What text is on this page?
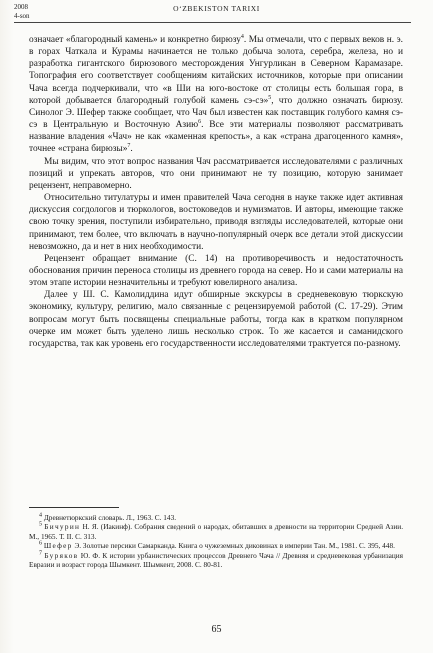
2008
4-son
O‘ZBEKISTON TARIXI

означает «благородный камень» и конкретно бирюзу$^4$. Мы отмечали, что с первых веков н. э. в горах Чаткала и Курамы начинается не только добыча золота, серебра, железа, но и разработка гигантского бирюзового месторождения Унгурликан в Северном Карамазаре. Топография его соответствует сообщениям китайских источников, которые при описании Чача всегда подчеркивали, что «в Ши на юго-востоке от столицы есть большая гора, в которой добывается благородный голубой камень сэ-сэ»$^5$, что должно означать бирюзу. Синолог Э. Шефер также сообщает, что Чач был известен как поставщик голубого камня сэ-сэ в Центральную и Восточную Азию$^6$. Все эти материалы позволяют рассматривать название владения «Чач» не как «каменная крепость», а как «страна драгоценного камня», точнее «страна бирюзы»$^7$.

Мы видим, что этот вопрос названия Чач рассматривается исследователями с различных позиций и упрекать авторов, что они принимают не ту позицию, которую занимает рецензент, неправомерно.

Относительно титулатуры и имен правителей Чача сегодня в науке также идет активная дискуссия согдологов и тюркологов, востоковедов и нумизматов. И авторы, имеющие также свою точку зрения, поступили избирательно, приводя взгляды исследователей, которые они принимают, тем более, что включать в научно-популярный очерк все детали этой дискуссии невозможно, да и нет в них необходимости.

Рецензент обращает внимание (С. 14) на противоречивость и недостаточность обоснования причин переноса столицы из древнего города на север. Но и сами материалы на этом этапе истории незначительны и требуют ювелирного анализа.

Далее у Ш. С. Камолиддина идут обширные экскурсы в средневековую тюркскую экономику, культуру, религию, мало связанные с рецензируемой работой (С. 17-29). Этим вопросам могут быть посвящены специальные работы, тогда как в кратком популярном очерке им может быть уделено лишь несколько строк. То же касается и саманидского государства, так как уровень его государственности исследователями трактуется по-разному.

$^4$ Древнетюркский словарь. Л., 1963. С. 143.

$^5$ Бичурин Н. Я. (Иакинф). Собрания сведений о народах, обитавших в древности на территории Средней Азии. М., 1965. Т. II. С. 313.

$^6$ Шефер Э. Золотые персики Самарканда. Книга о чужеземных диковинах в империи Тан. М., 1981. С. 395, 448.

$^7$ Буряков Ю. Ф. К истории урбанистических процессов Древнего Чача // Древняя и средневековая урбанизация Евразии и возраст города Шымкент. Шымкент, 2008. С. 80-81.

65
